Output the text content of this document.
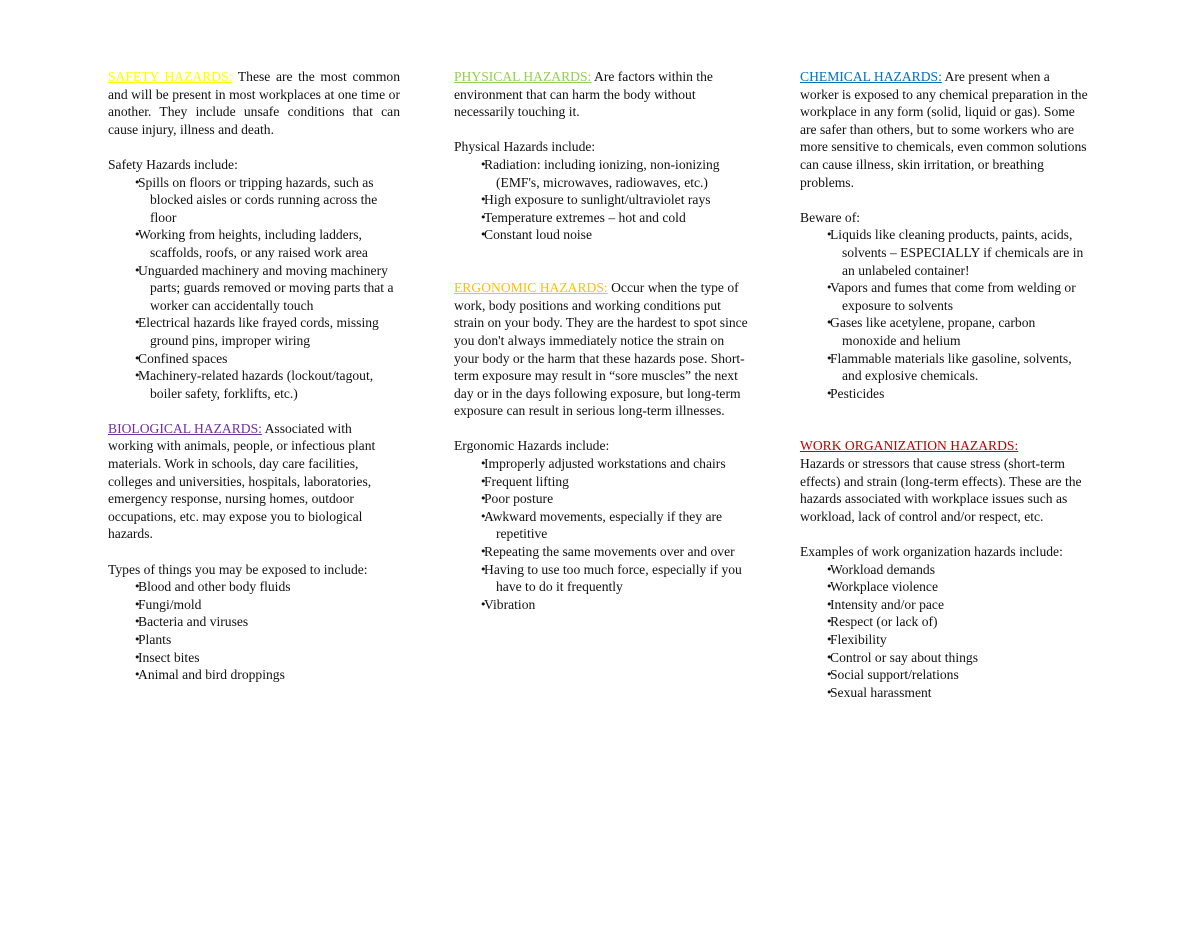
SAFETY HAZARDS: These are the most common and will be present in most workplaces at one time or another. They include unsafe conditions that can cause injury, illness and death.

Safety Hazards include:

• Spills on floors or tripping hazards, such as blocked aisles or cords running across the floor
• Working from heights, including ladders, scaffolds, roofs, or any raised work area
• Unguarded machinery and moving machinery parts; guards removed or moving parts that a worker can accidentally touch
• Electrical hazards like frayed cords, missing ground pins, improper wiring
• Confined spaces
• Machinery-related hazards (lockout/tagout, boiler safety, forklifts, etc.)

BIOLOGICAL HAZARDS: Associated with working with animals, people, or infectious plant materials. Work in schools, day care facilities, colleges and universities, hospitals, laboratories, emergency response, nursing homes, outdoor occupations, etc. may expose you to biological hazards.

Types of things you may be exposed to include:

• Blood and other body fluids
• Fungi/mold
• Bacteria and viruses
• Plants
• Insect bites
• Animal and bird droppings

PHYSICAL HAZARDS: Are factors within the environment that can harm the body without necessarily touching it.

Physical Hazards include:

• Radiation: including ionizing, non-ionizing (EMF's, microwaves, radiowaves, etc.)
• High exposure to sunlight/ultraviolet rays
• Temperature extremes – hot and cold
• Constant loud noise

ERGONOMIC HAZARDS: Occur when the type of work, body positions and working conditions put strain on your body. They are the hardest to spot since you don't always immediately notice the strain on your body or the harm that these hazards pose. Short-term exposure may result in “sore muscles” the next day or in the days following exposure, but long-term exposure can result in serious long-term illnesses.

Ergonomic Hazards include:

• Improperly adjusted workstations and chairs
• Frequent lifting
• Poor posture
• Awkward movements, especially if they are repetitive
• Repeating the same movements over and over
• Having to use too much force, especially if you have to do it frequently
• Vibration

CHEMICAL HAZARDS: Are present when a worker is exposed to any chemical preparation in the workplace in any form (solid, liquid or gas). Some are safer than others, but to some workers who are more sensitive to chemicals, even common solutions can cause illness, skin irritation, or breathing problems.

Beware of:

• Liquids like cleaning products, paints, acids, solvents – ESPECIALLY if chemicals are in an unlabeled container!
• Vapors and fumes that come from welding or exposure to solvents
• Gases like acetylene, propane, carbon monoxide and helium
• Flammable materials like gasoline, solvents, and explosive chemicals.
• Pesticides

WORK ORGANIZATION HAZARDS:

Hazards or stressors that cause stress (short-term effects) and strain (long-term effects). These are the hazards associated with workplace issues such as workload, lack of control and/or respect, etc.

Examples of work organization hazards include:

• Workload demands
• Workplace violence
• Intensity and/or pace
• Respect (or lack of)
• Flexibility
• Control or say about things
• Social support/relations
• Sexual harassment
